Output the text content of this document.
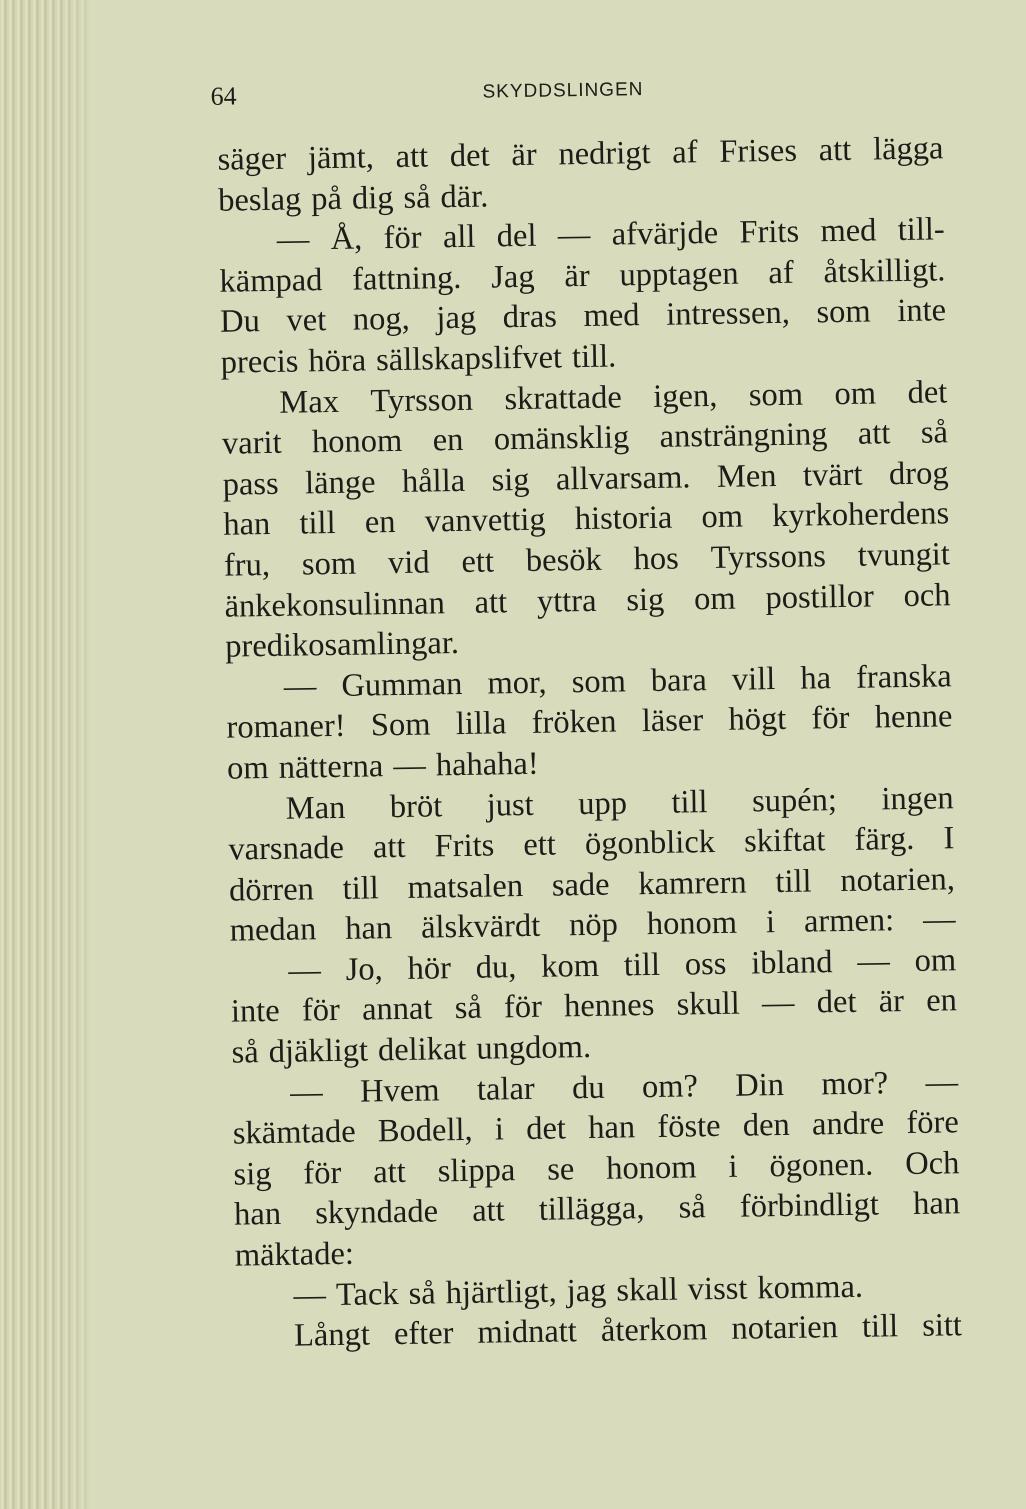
64	SKYDDSLINGEN
säger jämt, att det är nedrigt af Frises att lägga
beslag på dig så där.
— Å, för all del — afvärjde Frits med till-
kämpad fattning. Jag är upptagen af åtskilligt.
Du vet nog, jag dras med intressen, som inte
precis höra sällskapslifvet till.
Max Tyrsson skrattade igen, som om det
varit honom en omänsklig ansträngning att så
pass länge hålla sig allvarsam. Men tvärt drog
han till en vanvettig historia om kyrkoherdens
fru, som vid ett besök hos Tyrssons tvungit
änkekonsulinnan att yttra sig om postillor och
predikosamlingar.
— Gumman mor, som bara vill ha franska
romaner! Som lilla fröken läser högt för henne
om nätterna — hahaha!
Man bröt just upp till supén; ingen
varsnade att Frits ett ögonblick skiftat färg. I
dörren till matsalen sade kamrern till notarien,
medan han älskvärdt nöp honom i armen: —
— Jo, hör du, kom till oss ibland — om
inte för annat så för hennes skull — det är en
så djäkligt delikat ungdom.
— Hvem talar du om? Din mor? —
skämtade Bodell, i det han föste den andre före
sig för att slippa se honom i ögonen. Och
han skyndade att tillägga, så förbindligt han
mäktade:
— Tack så hjärtligt, jag skall visst komma.
Långt efter midnatt återkom notarien till sitt
